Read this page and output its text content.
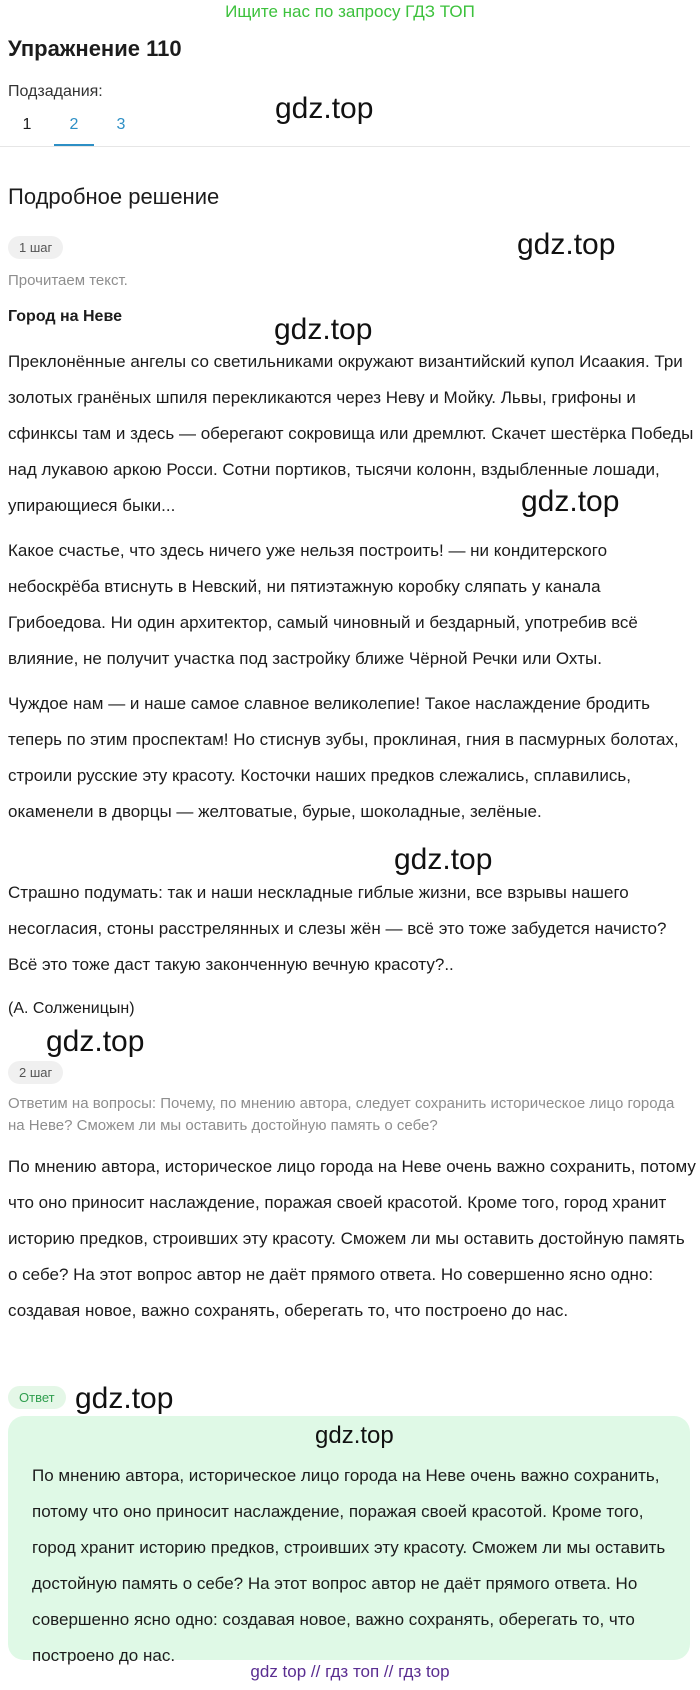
Ищите нас по запросу ГДЗ ТОП
Упражнение 110
Подзадания:
1	2	3	gdz.top
Подробное решение
1 шаг	gdz.top
Прочитаем текст.
Город на Неве	gdz.top

Преклонённые ангелы со светильниками окружают византийский купол Исаакия. Три золотых гранёных шпиля перекликаются через Неву и Мойку. Львы, грифоны и сфинксы там и здесь — оберегают сокровища или дремлют. Скачет шестёрка Победы над лукавою аркою Росси. Сотни портиков, тысячи колонн, вздыбленные лошади, упирающиеся быки...	gdz.top

Какое счастье, что здесь ничего уже нельзя построить! — ни кондитерского небоскрёба втиснуть в Невский, ни пятиэтажную коробку сляпать у канала Грибоедова. Ни один архитектор, самый чиновный и бездарный, употребив всё влияние, не получит участка под застройку ближе Чёрной Речки или Охты.

Чуждое нам — и наше самое славное великолепие! Такое наслаждение бродить теперь по этим проспектам! Но стиснув зубы, проклиная, гния в пасмурных болотах, строили русские эту красоту. Косточки наших предков слежались, сплавились, окаменели в дворцы — желтоватые, бурые, шоколадные, зелёные.

gdz.top

Страшно подумать: так и наши нескладные гиблые жизни, все взрывы нашего несогласия, стоны расстрелянных и слезы жён — всё это тоже забудется начисто? Всё это тоже даст такую законченную вечную красоту?..

(А. Солженицын)
gdz.top
2 шаг
Ответим на вопросы: Почему, по мнению автора, следует сохранить историческое лицо города на Неве? Сможем ли мы оставить достойную память о себе?

По мнению автора, историческое лицо города на Неве очень важно сохранить, потому что оно приносит наслаждение, поражая своей красотой. Кроме того, город хранит историю предков, строивших эту красоту. Сможем ли мы оставить достойную память о себе? На этот вопрос автор не даёт прямого ответа. Но совершенно ясно одно: создавая новое, важно сохранять, оберегать то, что построено до нас.

Ответ gdz.top
gdz.top
По мнению автора, историческое лицо города на Неве очень важно сохранить, потому что оно приносит наслаждение, поражая своей красотой. Кроме того, город хранит историю предков, строивших эту красоту. Сможем ли мы оставить достойную память о себе? На этот вопрос автор не даёт прямого ответа. Но совершенно ясно одно: создавая новое, важно сохранять, оберегать то, что построено до нас.
gdz top // гдз топ // гдз top
